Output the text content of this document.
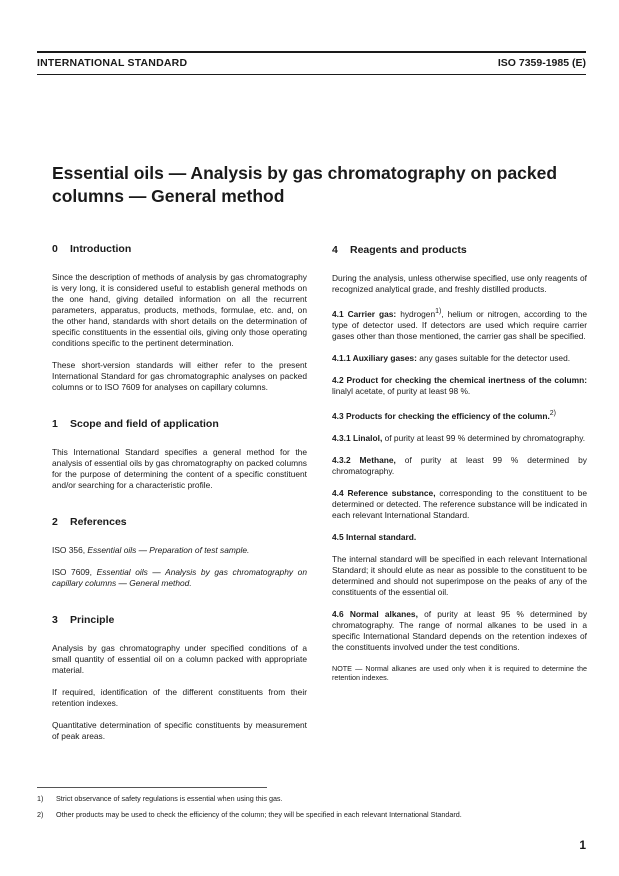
INTERNATIONAL STANDARD	ISO 7359-1985 (E)
Essential oils — Analysis by gas chromatography on packed columns — General method
0 Introduction

Since the description of methods of analysis by gas chromatography is very long, it is considered useful to establish general methods on the one hand, giving detailed information on all the recurrent parameters, apparatus, products, methods, formulae, etc. and, on the other hand, standards with short details on the determination of specific constituents in the essential oils, giving only those operating conditions specific to the pertinent determination.

These short-version standards will either refer to the present International Standard for gas chromatographic analyses on packed columns or to ISO 7609 for analyses on capillary columns.

1 Scope and field of application

This International Standard specifies a general method for the analysis of essential oils by gas chromatography on packed columns for the purpose of determining the content of a specific constituent and/or searching for a characteristic profile.

2 References

ISO 356, Essential oils — Preparation of test sample.

ISO 7609, Essential oils — Analysis by gas chromatography on capillary columns — General method.

3 Principle

Analysis by gas chromatography under specified conditions of a small quantity of essential oil on a column packed with appropriate material.

If required, identification of the different constituents from their retention indexes.

Quantitative determination of specific constituents by measurement of peak areas.

4 Reagents and products

During the analysis, unless otherwise specified, use only reagents of recognized analytical grade, and freshly distilled products.

4.1 Carrier gas: hydrogen$^{1)}$, helium or nitrogen, according to the type of detector used. If detectors are used which require carrier gases other than those mentioned, the carrier gas shall be specified.

4.1.1 Auxiliary gases: any gases suitable for the detector used.

4.2 Product for checking the chemical inertness of the column: linalyl acetate, of purity at least 98 %.

4.3 Products for checking the efficiency of the column.$^{2)}$

4.3.1 Linalol, of purity at least 99 % determined by chromatography.

4.3.2 Methane, of purity at least 99 % determined by chromatography.

4.4 Reference substance, corresponding to the constituent to be determined or detected. The reference substance will be indicated in each relevant International Standard.

4.5 Internal standard.

The internal standard will be specified in each relevant International Standard; it should elute as near as possible to the constituent to be determined and should not superimpose on the peaks of any of the constituents of the essential oil.

4.6 Normal alkanes, of purity at least 95 % determined by chromatography. The range of normal alkanes to be used in a specific International Standard depends on the retention indexes of the constituents involved under the test conditions.

NOTE — Normal alkanes are used only when it is required to determine the retention indexes.

1) Strict observance of safety regulations is essential when using this gas.
2) Other products may be used to check the efficiency of the column; they will be specified in each relevant International Standard.
1
